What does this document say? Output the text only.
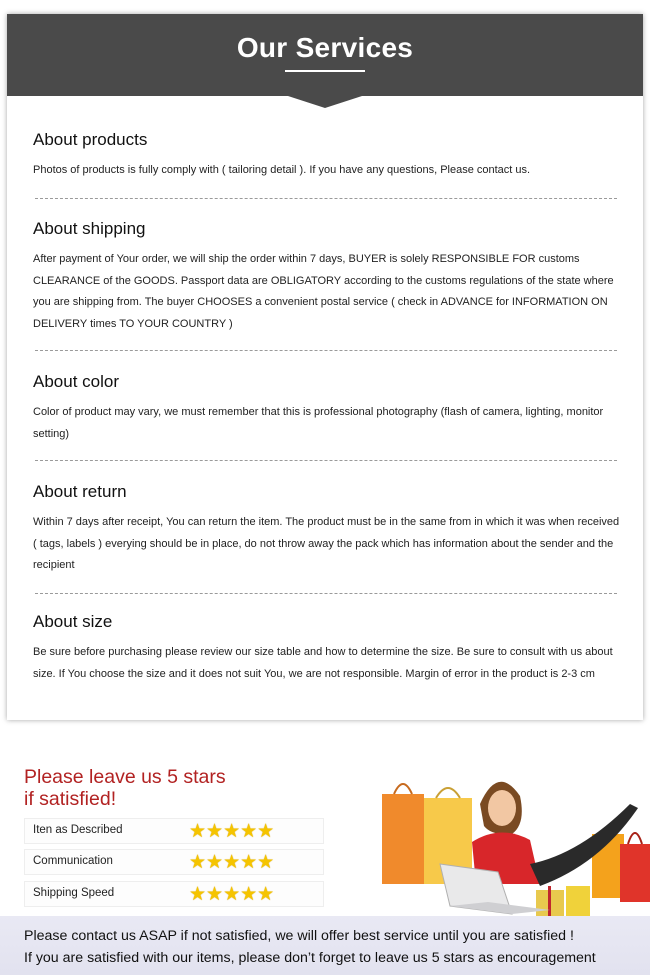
Our Services
About products

Photos of products is fully comply with ( tailoring detail ). If you have any questions, Please contact us.

About shipping

After payment of Your order, we will ship the order within 7 days, BUYER is solely RESPONSIBLE FOR customs CLEARANCE of the GOODS. Passport data are OBLIGATORY according to the customs regulations of the state where you are shipping from. The buyer CHOOSES a convenient postal service ( check in ADVANCE for INFORMATION ON DELIVERY times TO YOUR COUNTRY )

About color

Color of product may vary, we must remember that this is professional photography (flash of camera, lighting, monitor setting)

About return

Within 7 days after receipt, You can return the item. The product must be in the same from in which it was when received ( tags, labels ) everying should be in place, do not throw away the pack which has information about the sender and the recipient

About size

Be sure before purchasing please review our size table and how to determine the size. Be sure to consult with us about size. If You choose the size and it does not suit You, we are not responsible. Margin of error in the product is 2-3 cm

Please leave us 5 stars
if satisfied!
Iten as Described	★★★★★
Communication	★★★★★
Shipping Speed	★★★★★
Please contact us ASAP if not satisfied, we will offer best service until you are satisfied !
If you are satisfied with our items, please don’t forget to leave us 5 stars as encouragement
